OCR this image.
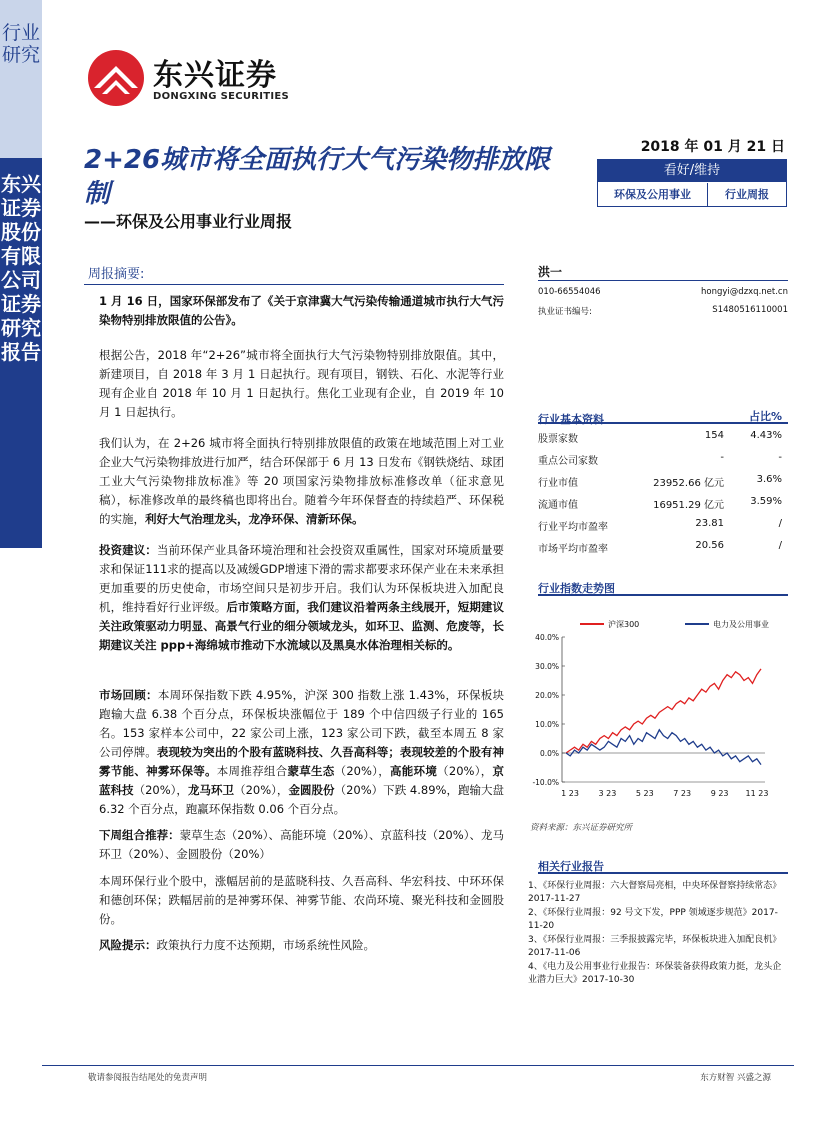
行业研究
东兴证券股份有限公司证券研究报告
东兴证券
DONGXING SECURITIES
2+26城市将全面执行大气污染物排放限制
——环保及公用事业行业周报
2018 年 01 月 21 日
看好/维持
环保及公用事业	行业周报
周报摘要:
1 月 16 日，国家环保部发布了《关于京津冀大气污染传输通道城市执行大气污染物特别排放限值的公告》。
根据公告，2018 年“2+26”城市将全面执行大气污染物特别排放限值。其中，新建项目，自 2018 年 3 月 1 日起执行。现有项目，钢铁、石化、水泥等行业现有企业自 2018 年 10 月 1 日起执行。焦化工业现有企业，自 2019 年 10 月 1 日起执行。
我们认为，在 2+26 城市将全面执行特别排放限值的政策在地域范围上对工业企业大气污染物排放进行加严，结合环保部于 6 月 13 日发布《钢铁烧结、球团工业大气污染物排放标准》等 20 项国家污染物排放标准修改单（征求意见稿），标准修改单的最终稿也即将出台。随着今年环保督查的持续趋严、环保税的实施，利好大气治理龙头，龙净环保、清新环保。
投资建议：当前环保产业具备环境治理和社会投资双重属性，国家对环境质量要求和保证111求的提高以及减缓GDP增速下滑的需求都要求环保产业在未来承担更加重要的历史使命，市场空间只是初步开启。我们认为环保板块进入加配良机，维持看好行业评级。后市策略方面，我们建议沿着两条主线展开，短期建议关注政策驱动力明显、高景气行业的细分领域龙头，如环卫、监测、危废等，长期建议关注 ppp+海绵城市推动下水流域以及黑臭水体治理相关标的。
市场回顾：本周环保指数下跌 4.95%，沪深 300 指数上涨 1.43%，环保板块跑输大盘 6.38 个百分点，环保板块涨幅位于 189 个中信四级子行业的 165 名。153 家样本公司中，22 家公司上涨，123 家公司下跌，截至本周五 8 家公司停牌。表现较为突出的个股有蓝晓科技、久吾高科等；表现较差的个股有神雾节能、神雾环保等。本周推荐组合蒙草生态（20%），高能环境（20%），京蓝科技（20%），龙马环卫（20%），金圆股份（20%）下跌 4.89%，跑输大盘 6.32 个百分点，跑赢环保指数 0.06 个百分点。
下周组合推荐：蒙草生态（20%）、高能环境（20%）、京蓝科技（20%）、龙马环卫（20%）、金圆股份（20%）
本周环保行业个股中，涨幅居前的是蓝晓科技、久吾高科、华宏科技、中环环保和德创环保；跌幅居前的是神雾环保、神雾节能、农尚环境、聚光科技和金圆股份。
风险提示：政策执行力度不达预期，市场系统性风险。
洪一
010-66554046	hongyi@dzxq.net.cn
执业证书编号:	S1480516110001
行业基本资料	占比%
行业指数走势图
40.0%
30.0%
20.0%
10.0%
0.0%
-10.0%
1 23 3 23 5 23 7 23 9 23 11 23
沪深300	电力及公用事业
资料来源：东兴证券研究所
相关行业报告
1、《环保行业周报：六大督察局亮相，中央环保督察持续常态》2017-11-27
2、《环保行业周报：92 号文下发，PPP 领域逐步规范》2017-11-20
3、《环保行业周报：三季报披露完毕，环保板块进入加配良机》2017-11-06
4、《电力及公用事业行业报告：环保装备获得政策力挺，龙头企业潜力巨大》2017-10-30
敬请参阅报告结尾处的免责声明	东方财智 兴盛之源
股票家数	154	4.43%
重点公司家数	-	-
行业市值	23952.66 亿元	3.6%
流通市值	16951.29 亿元	3.59%
行业平均市盈率	23.81	/
市场平均市盈率	20.56	/
